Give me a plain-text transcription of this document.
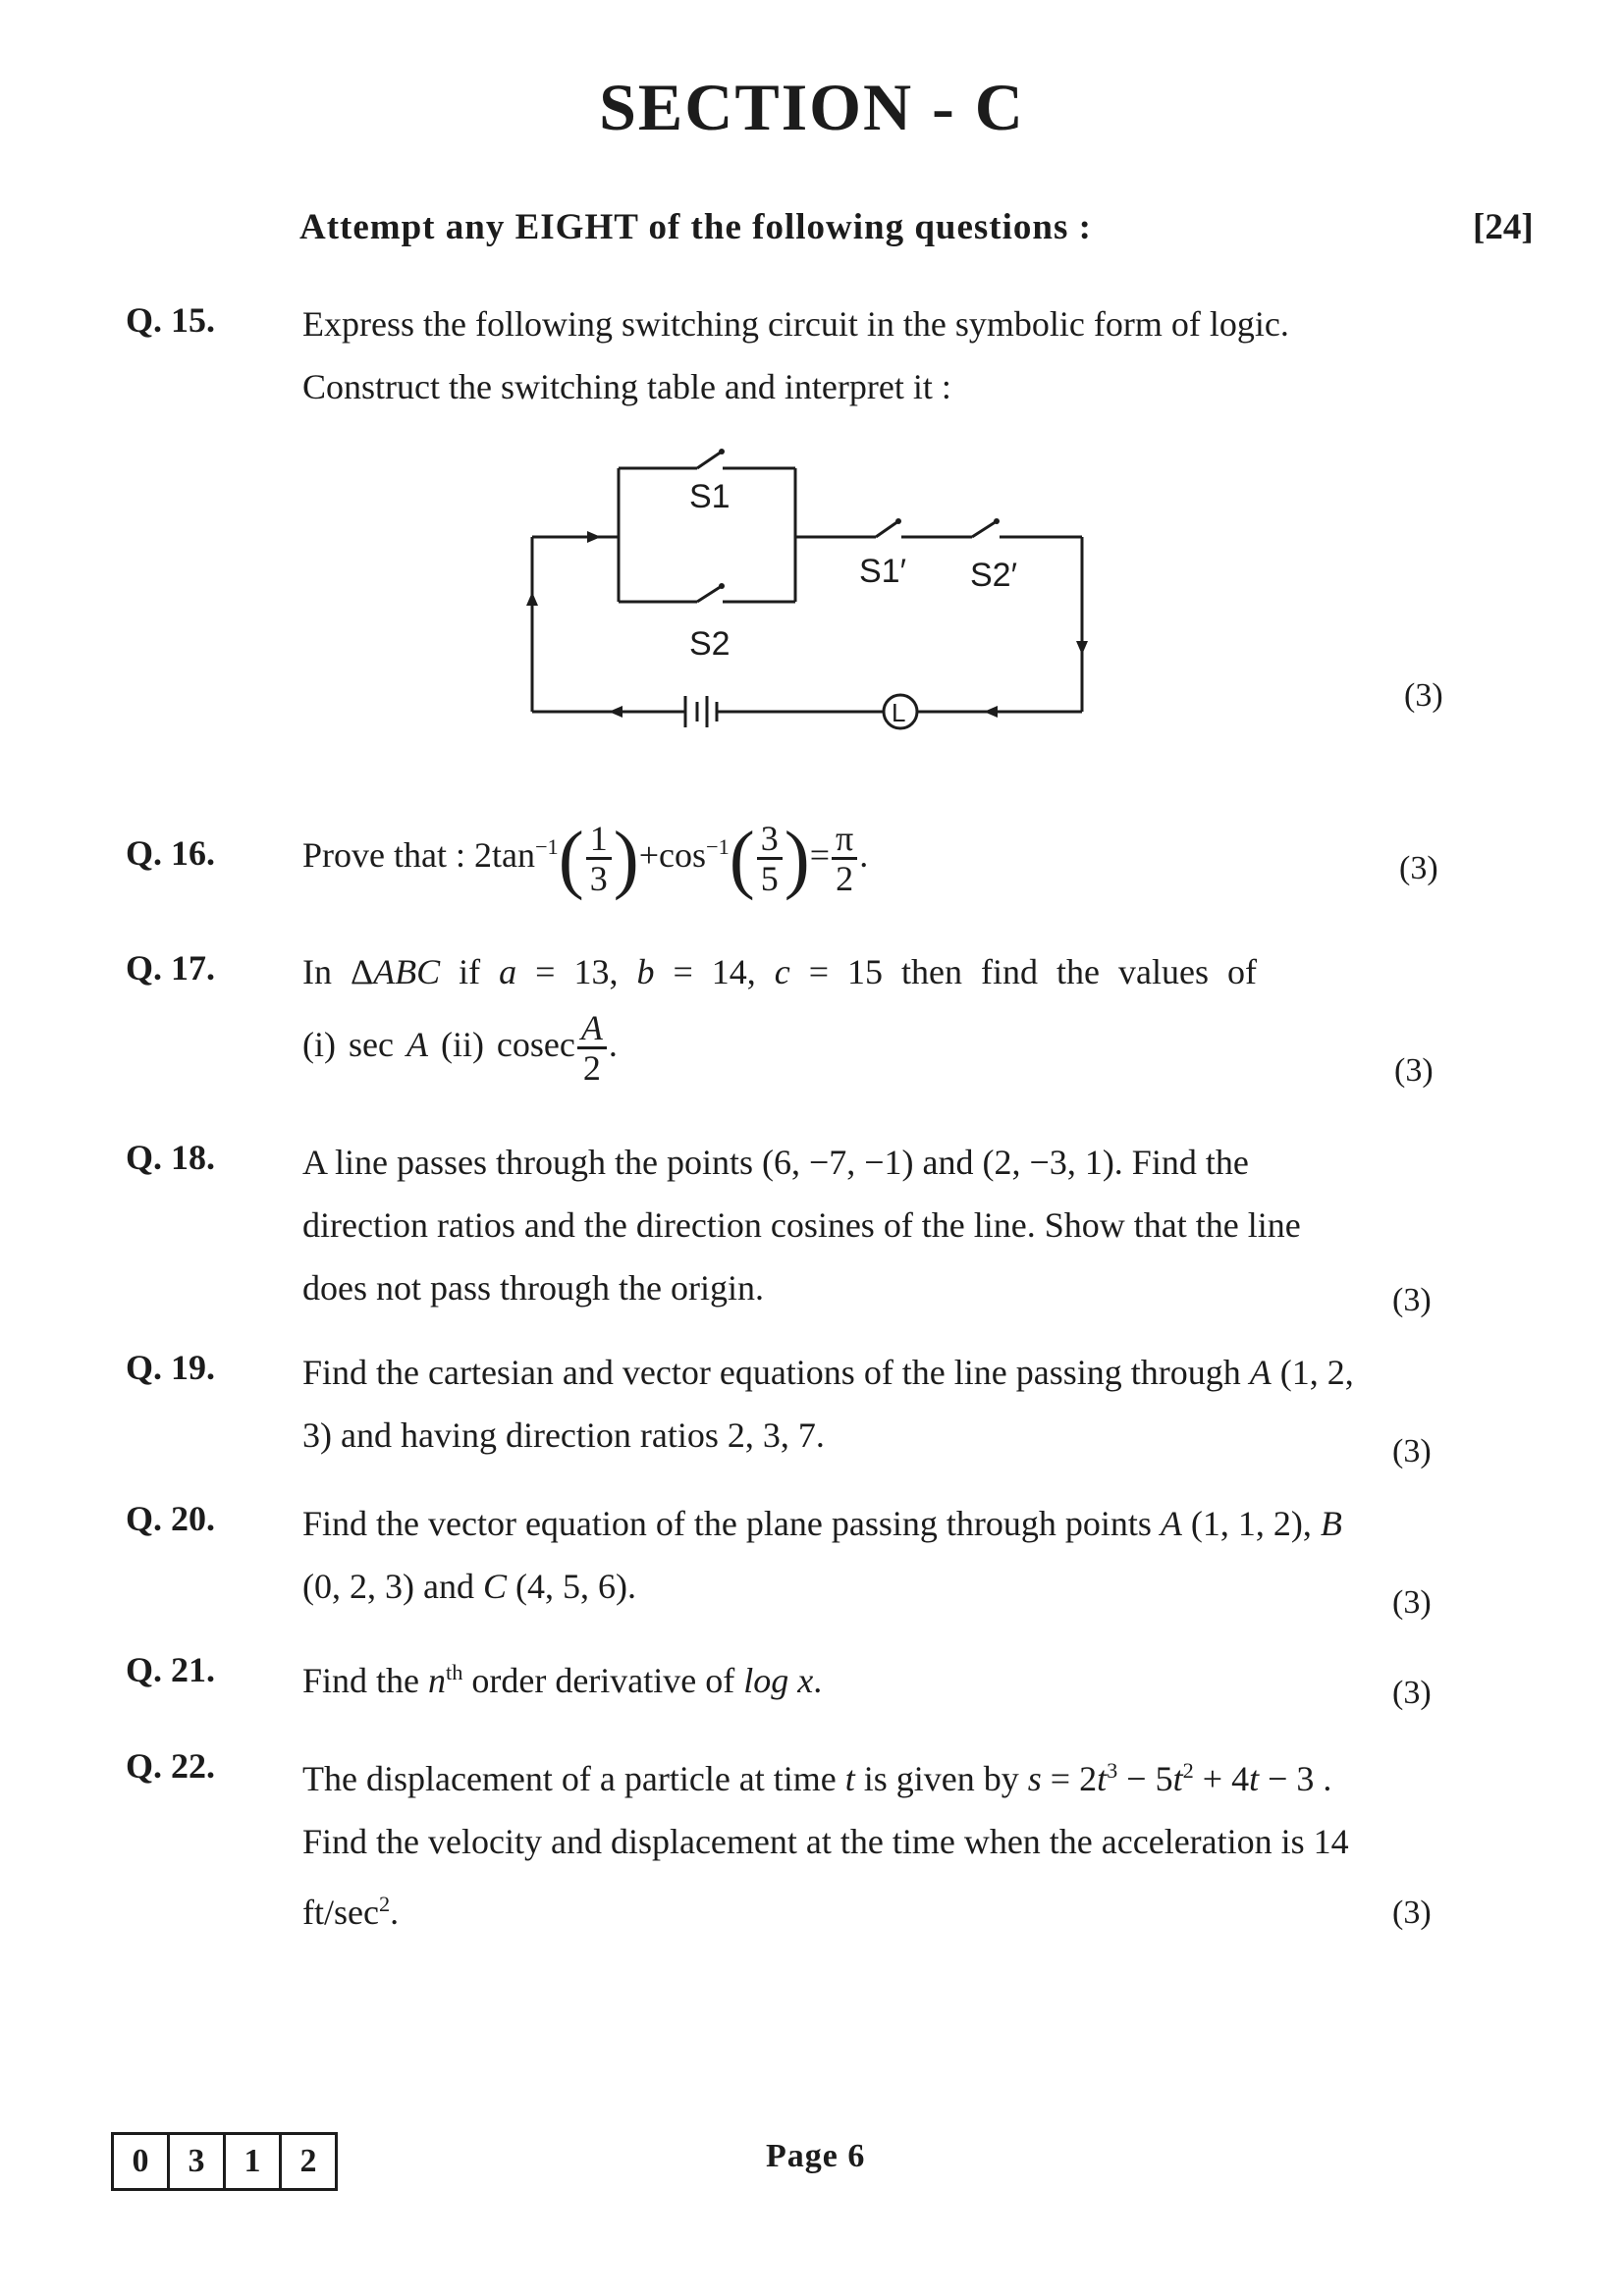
SECTION - C
Attempt any EIGHT of the following questions :	[24]
Q. 15. Express the following switching circuit in the symbolic form of logic. Construct the switching table and interpret it :
S1
S2
S1′ S2′
L	(3)
Q. 16. Prove that : $2\tan^{-1}( \frac{1}{3} )+\cos^{-1}( \frac{3}{5}$ )= $\frac{\pi}{2}$ .	(3)
Q. 17. In ΔABC if a = 13, b = 14, c = 15 then find the values of
(i) sec A (ii) cosec $\frac{A}{2}$ .
(3)
Q. 18. A line passes through the points (6, −7, −1) and (2, −3, 1). Find the direction ratios and the direction cosines of the line. Show that the line does not pass through the origin.	(3)
Q. 19. Find the cartesian and vector equations of the line passing through A (1, 2, 3) and having direction ratios 2, 3, 7.	(3)
Q. 20. Find the vector equation of the plane passing through points A (1, 1, 2), B (0, 2, 3) and C (4, 5, 6).	(3)
Q. 21. Find the $n^{th}$ order derivative of log x.	(3)
Q. 22. The displacement of a particle at time t is given by $s = 2t^3 - 5t^2 + 4t - 3$ . Find the velocity and displacement at the time when the acceleration is 14 $ft/\sec^2$.	(3)
0	3	1	2	Page 6
